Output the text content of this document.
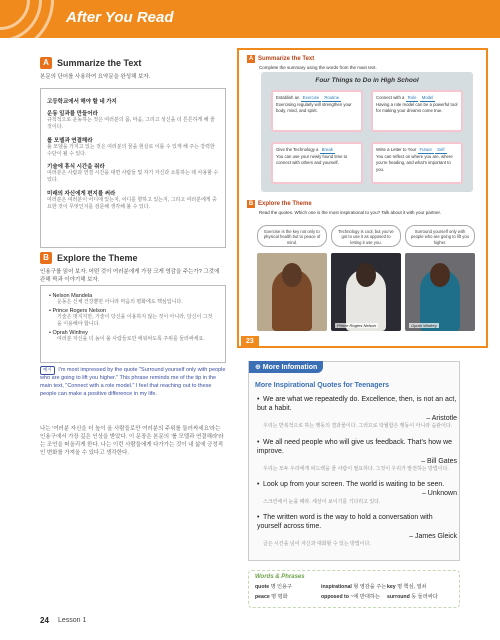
After You Read
A Summarize the Text
본문의 단어를 사용하여 요약문을 완성해 보자.
고등학교에서 해야 할 네 가지
운동 일과를 만들어라
규칙적으로 운동하는 것은 여러분의 몸, 마음, 그리고 성신을 더 튼튼하게 해 줄 것이다.
롤 모델과 연결해라
롤 모델을 가지고 있는 것은 여러분의 꿈을 현실로 이룰 수 있게 해 주는 강력한 수단이 될 수 있다.
기술에 휴식 시간을 줘라
여러분은 사람과 연결 시간을 대면 사람들 및 자기 자신과 소통하는 데 사용할 수 있다.
미래의 자신에게 편지를 써라
여러분은 여러분이 어디에 있는지, 어디를 향하고 있는지, 그리고 여러분에게 중요한 것이 무엇인지를 검문해 생각해 볼 수 있다.
B Explore the Theme
인용구를 읽어 보자. 어떤 것이 여러분에게 가장 크게 영감을 주는가? 그것에 관해 짝과 이야기해 보자.
• Nelson Mandela
운동은 신체 건강뿐만 아니라 마음의 평화에도 핵심입니다.
• Prince Rogers Nelson
기술은 멋지지만, 기술이 당신을 이용하지 않는 것이 아니라, 당신이 그것을 이용해야 합니다.
• Oprah Winfrey
여러분 자신을 더 높이 올 사람들로만 에워싸도록 주위를 둘러싸세요.
예시 I'm most impressed by the quote "Surround yourself only with people who are going to lift you higher." This phrase reminds me of the tip in the main text, "Connect with a role model." I feel that reaching out to these people can make a positive difference in my life.
나는 '여러분 자신을 더 높이 올 사람들로만 여러분의 주위를 둘러싸세요'라는 인용구에서 가장 깊은 인상을 받았다. 이 문장은 본문의 '롤 모델과 연결해라'라는 조언을 떠올리게 한다. 나는 이런 사람들에게 다가가는 것이 내 삶에 긍정적인 변화를 가져올 수 있다고 생각한다.
A Summarize the Text
Complete the summary using the words from the main text.
Four Things to Do in High School
Establish an Exercise Routine
Exercising regularly will strengthen your body, mind, and spirit.
Connect with a Role Model
Having a role model can be a powerful tool for making your dreams come true.
Give the Technology a Break
You can use your newly found time to connect with others and yourself.
Write a Letter to Your Future Self
You can reflect on where you are, where you're heading, and what's important to you.
B Explore the Theme
Read the quotes. Which one is the most inspirational to you? Talk about it with your partner.
Exercise is the key not only to physical health but to peace of mind.
Technology is cool, but you've got to use it as opposed to letting it use you.
Surround yourself only with people who are going to lift you higher.
Prince Rogers Nelson	Oprah Winfrey
23
⊕ More Infomation
More Inspirational Quotes for Teenagers
• We are what we repeatedly do. Excellence, then, is not an act, but a habit.
– Aristotle
우리는 반복적으로 하는 행동의 결과물이다. 그러므로 탁월함은 행동이 아니라 습관이다.
• We all need people who will give us feedback. That's how we improve.
– Bill Gates
우리는 모두 우리에게 피드백을 줄 사람이 필요하다. 그것이 우리가 발전하는 방법이다.
• Look up from your screen. The world is waiting to be seen.
– Unknown
스크린에서 눈을 떼라. 세상이 보이기를 기다리고 있다.
• The written word is the way to hold a conversation with yourself across time.
– James Gleick
글은 시간을 넘어 자신과 대화할 수 있는 방법이다.
Words & Phrases
quote 명 인용구	inspirational 형 영감을 주는 key 명 핵심, 열쇠
peace 명 평화	opposed to ~에 반대하는	surround 동 둘러싸다
24 Lesson 1
